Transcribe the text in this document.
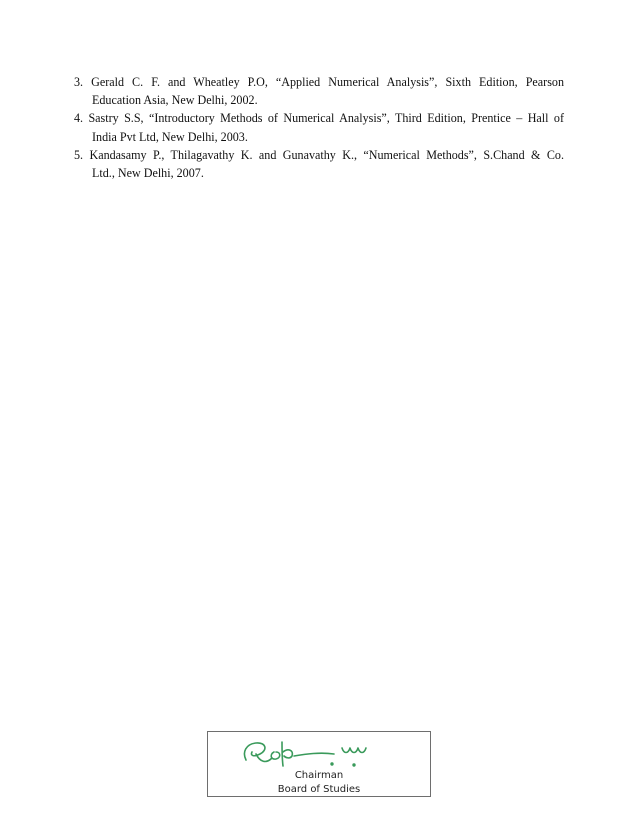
3. Gerald C. F. and Wheatley P.O, “Applied Numerical Analysis”, Sixth Edition, Pearson
Education Asia, New Delhi, 2002.
4. Sastry S.S, “Introductory Methods of Numerical Analysis”, Third Edition, Prentice – Hall of
India Pvt Ltd, New Delhi, 2003.
5. Kandasamy P., Thilagavathy K. and Gunavathy K., “Numerical Methods”, S.Chand & Co.
Ltd., New Delhi, 2007.
Chairman
Board of Studies
